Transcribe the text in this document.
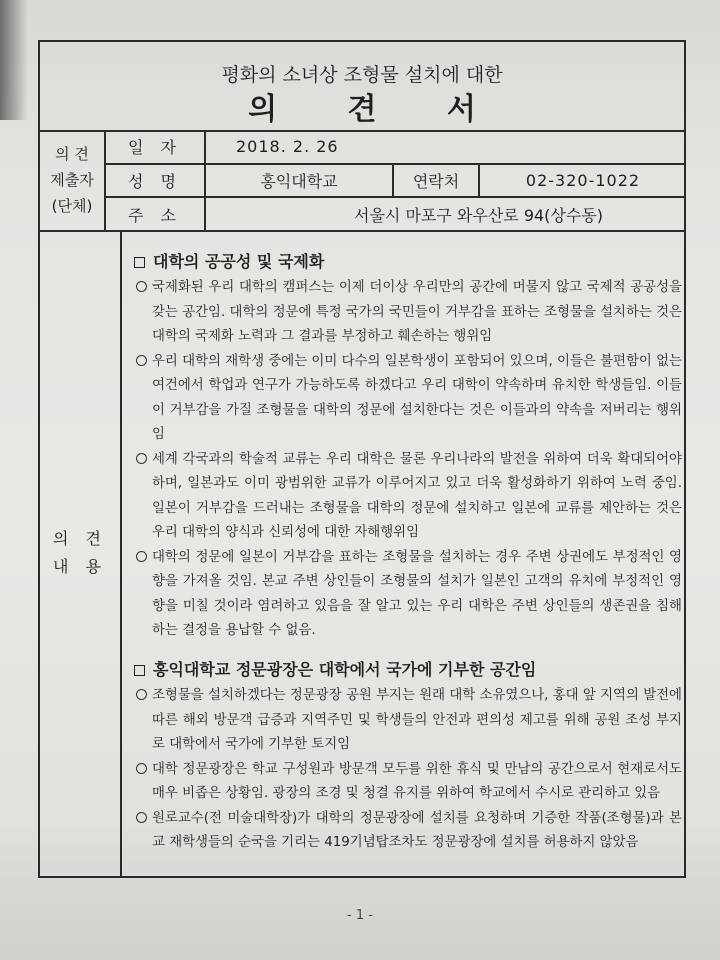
평화의 소녀상 조형물 설치에 대한
의 견 서
의 견
제출자
(단체)
일 자	2018. 2. 26
성 명	홍익대학교	연락처	02-320-1022
주 소	서울시 마포구 와우산로 94(상수동)
의 견
내 용
대학의 공공성 및 국제화
국제화된 우리 대학의 캠퍼스는 이제 더이상 우리만의 공간에 머물지 않고 국제적 공공성을 갖는 공간임. 대학의 정문에 특정 국가의 국민들이 거부감을 표하는 조형물을 설치하는 것은 대학의 국제화 노력과 그 결과를 부정하고 훼손하는 행위임
우리 대학의 재학생 중에는 이미 다수의 일본학생이 포함되어 있으며, 이들은 불편함이 없는 여건에서 학업과 연구가 가능하도록 하겠다고 우리 대학이 약속하며 유치한 학생들임. 이들이 거부감을 가질 조형물을 대학의 정문에 설치한다는 것은 이들과의 약속을 저버리는 행위임
세계 각국과의 학술적 교류는 우리 대학은 물론 우리나라의 발전을 위하여 더욱 확대되어야 하며, 일본과도 이미 광범위한 교류가 이루어지고 있고 더욱 활성화하기 위하여 노력 중임. 일본이 거부감을 드러내는 조형물을 대학의 정문에 설치하고 일본에 교류를 제안하는 것은 우리 대학의 양식과 신뢰성에 대한 자해행위임
대학의 정문에 일본이 거부감을 표하는 조형물을 설치하는 경우 주변 상권에도 부정적인 영향을 가져올 것임. 본교 주변 상인들이 조형물의 설치가 일본인 고객의 유치에 부정적인 영향을 미칠 것이라 염려하고 있음을 잘 알고 있는 우리 대학은 주변 상인들의 생존권을 침해하는 결정을 용납할 수 없음.
홍익대학교 정문광장은 대학에서 국가에 기부한 공간임
조형물을 설치하겠다는 정문광장 공원 부지는 원래 대학 소유였으나, 홍대 앞 지역의 발전에 따른 해외 방문객 급증과 지역주민 및 학생들의 안전과 편의성 제고를 위해 공원 조성 부지로 대학에서 국가에 기부한 토지임
대학 정문광장은 학교 구성원과 방문객 모두를 위한 휴식 및 만남의 공간으로서 현재로서도 매우 비좁은 상황임. 광장의 조경 및 청결 유지를 위하여 학교에서 수시로 관리하고 있음
원로교수(전 미술대학장)가 대학의 정문광장에 설치를 요청하며 기증한 작품(조형물)과 본교 재학생들의 순국을 기리는 419기념탑조차도 정문광장에 설치를 허용하지 않았음
- 1 -
